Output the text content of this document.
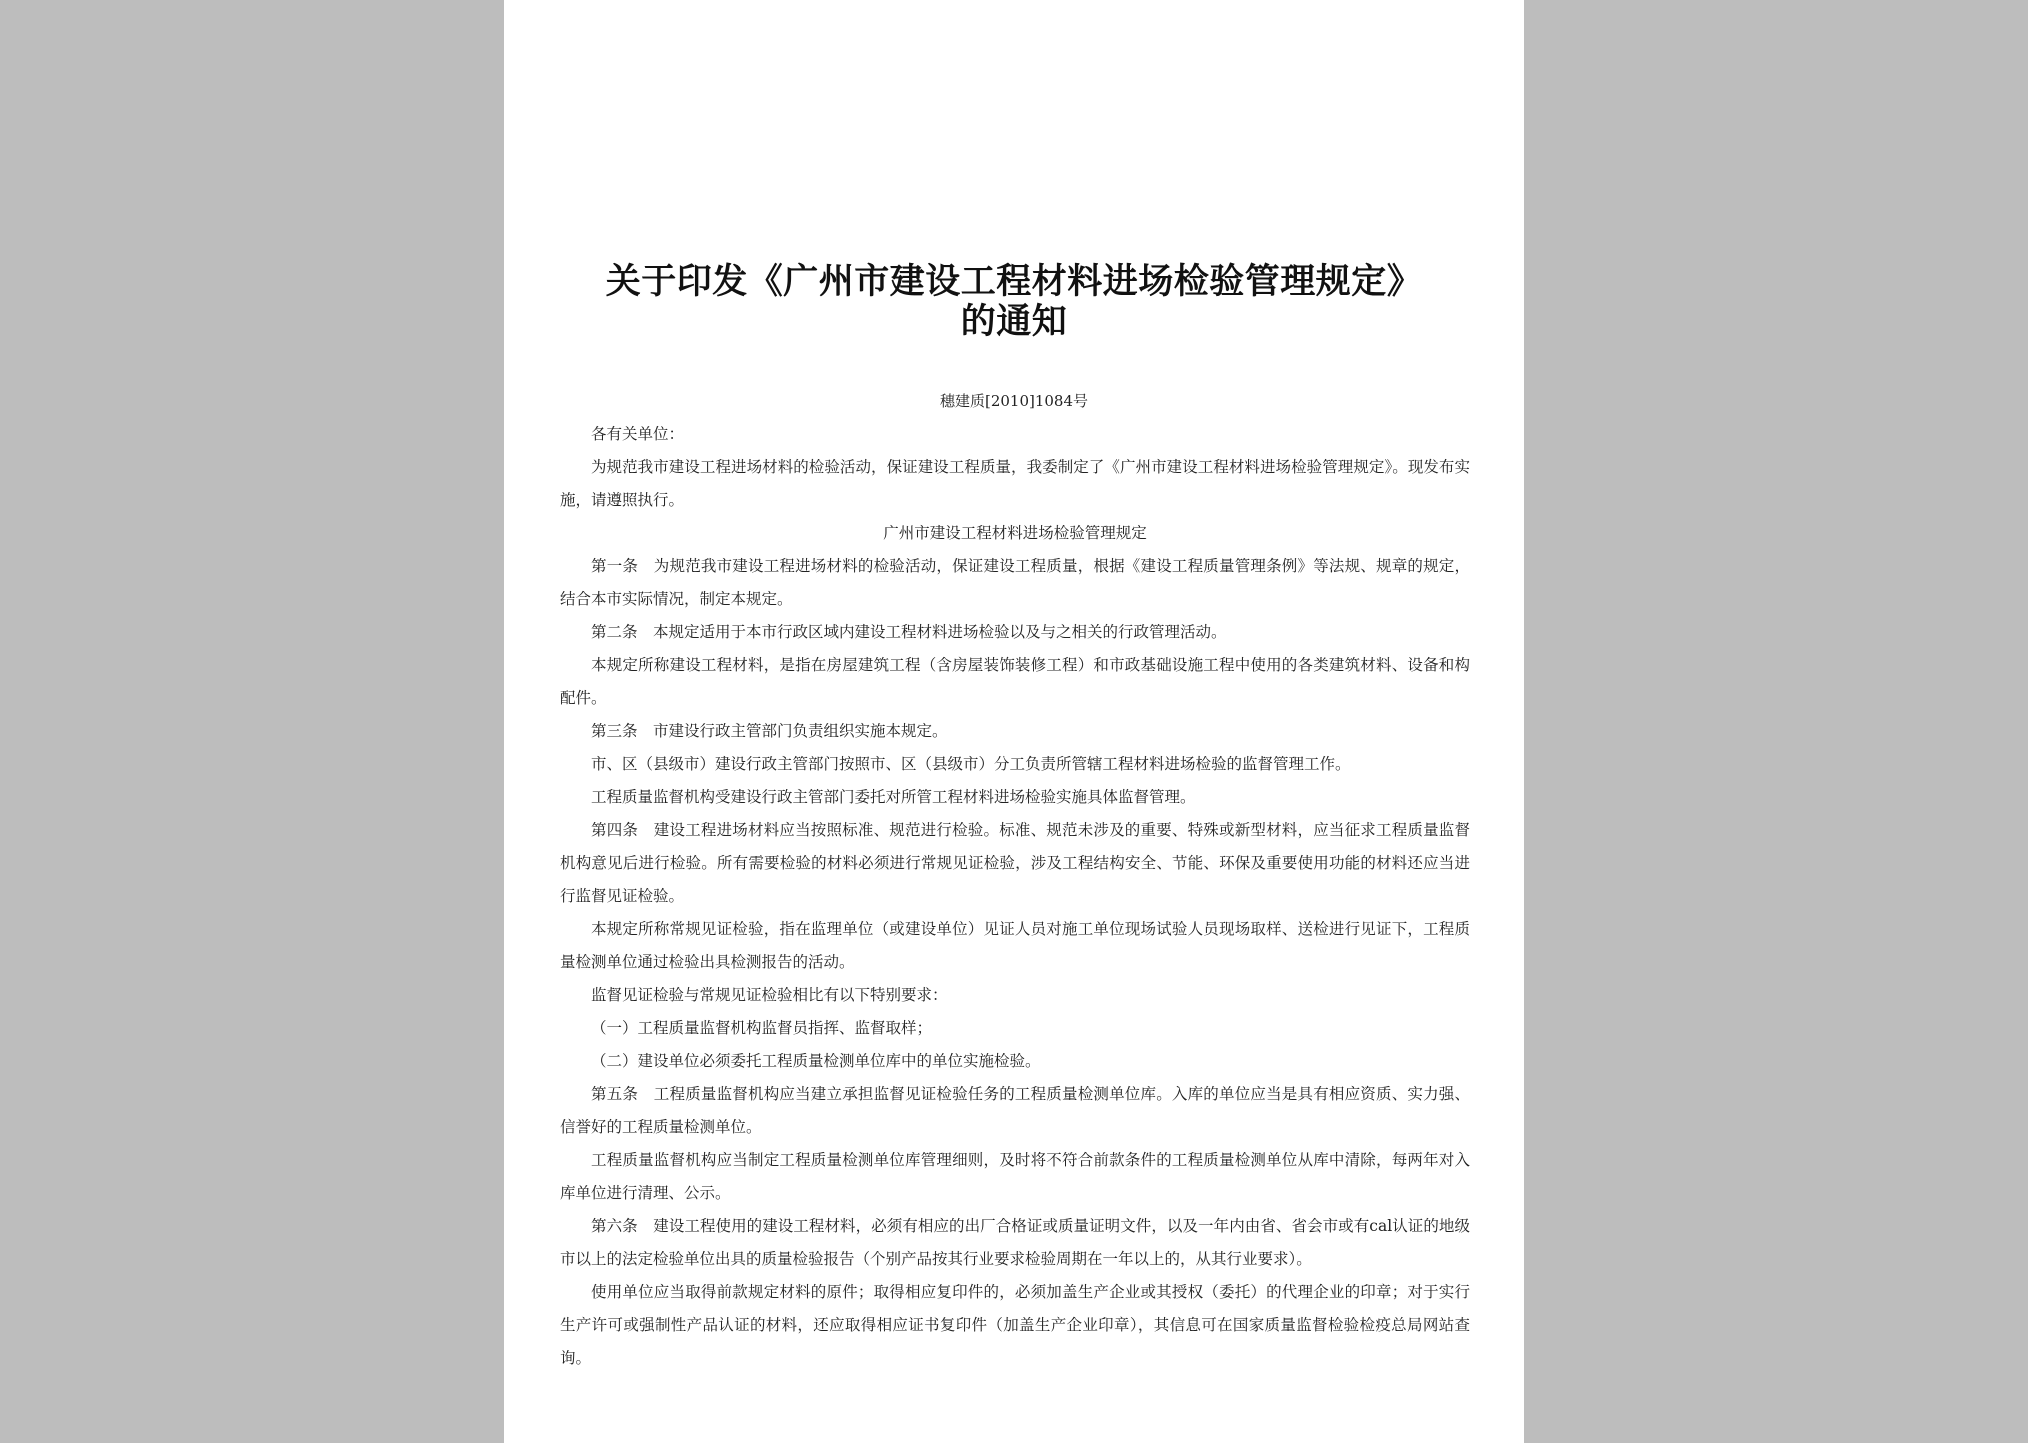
关于印发《广州市建设工程材料进场检验管理规定》
的通知
穗建质[2010]1084号

各有关单位：

为规范我市建设工程进场材料的检验活动，保证建设工程质量，我委制定了《广州市建设工程材料进场检验管理规定》。现发布实施，请遵照执行。

广州市建设工程材料进场检验管理规定

第一条　为规范我市建设工程进场材料的检验活动，保证建设工程质量，根据《建设工程质量管理条例》等法规、规章的规定，结合本市实际情况，制定本规定。

第二条　本规定适用于本市行政区域内建设工程材料进场检验以及与之相关的行政管理活动。

本规定所称建设工程材料，是指在房屋建筑工程（含房屋装饰装修工程）和市政基础设施工程中使用的各类建筑材料、设备和构配件。

第三条　市建设行政主管部门负责组织实施本规定。

市、区（县级市）建设行政主管部门按照市、区（县级市）分工负责所管辖工程材料进场检验的监督管理工作。

工程质量监督机构受建设行政主管部门委托对所管工程材料进场检验实施具体监督管理。

第四条　建设工程进场材料应当按照标准、规范进行检验。标准、规范未涉及的重要、特殊或新型材料，应当征求工程质量监督机构意见后进行检验。所有需要检验的材料必须进行常规见证检验，涉及工程结构安全、节能、环保及重要使用功能的材料还应当进行监督见证检验。

本规定所称常规见证检验，指在监理单位（或建设单位）见证人员对施工单位现场试验人员现场取样、送检进行见证下，工程质量检测单位通过检验出具检测报告的活动。

监督见证检验与常规见证检验相比有以下特别要求：

（一）工程质量监督机构监督员指挥、监督取样；

（二）建设单位必须委托工程质量检测单位库中的单位实施检验。

第五条　工程质量监督机构应当建立承担监督见证检验任务的工程质量检测单位库。入库的单位应当是具有相应资质、实力强、信誉好的工程质量检测单位。

工程质量监督机构应当制定工程质量检测单位库管理细则，及时将不符合前款条件的工程质量检测单位从库中清除，每两年对入库单位进行清理、公示。

第六条　建设工程使用的建设工程材料，必须有相应的出厂合格证或质量证明文件，以及一年内由省、省会市或有cal认证的地级市以上的法定检验单位出具的质量检验报告（个别产品按其行业要求检验周期在一年以上的，从其行业要求）。

使用单位应当取得前款规定材料的原件；取得相应复印件的，必须加盖生产企业或其授权（委托）的代理企业的印章；对于实行生产许可或强制性产品认证的材料，还应取得相应证书复印件（加盖生产企业印章），其信息可在国家质量监督检验检疫总局网站查询。
